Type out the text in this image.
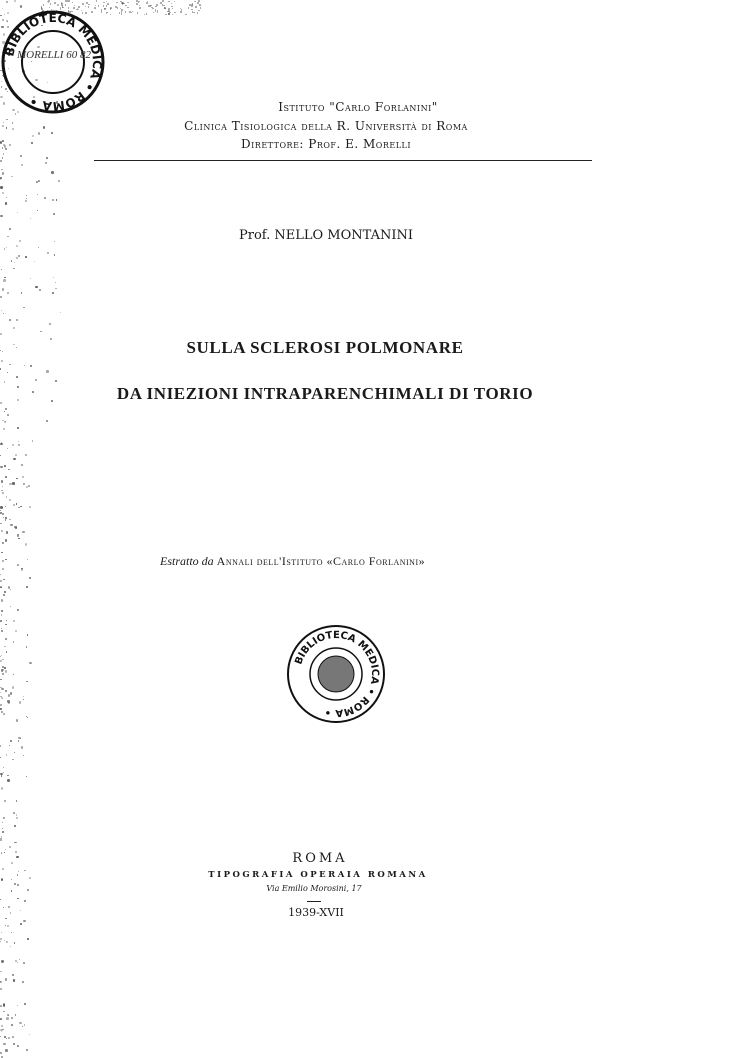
BIBLIOTECA MEDICA • ROMA •
MORELLI 60 82
Istituto "Carlo Forlanini"
Clinica Tisiologica della R. Università di Roma
Direttore: Prof. E. Morelli
Prof. NELLO MONTANINI
SULLA SCLEROSI POLMONARE
DA INIEZIONI INTRAPARENCHIMALI DI TORIO
Estratto da Annali dell'Istituto «Carlo Forlanini»
BIBLIOTECA MEDICA • ROMA •
ROMA
TIPOGRAFIA OPERAIA ROMANA
Via Emilio Morosini, 17
1939-XVII
